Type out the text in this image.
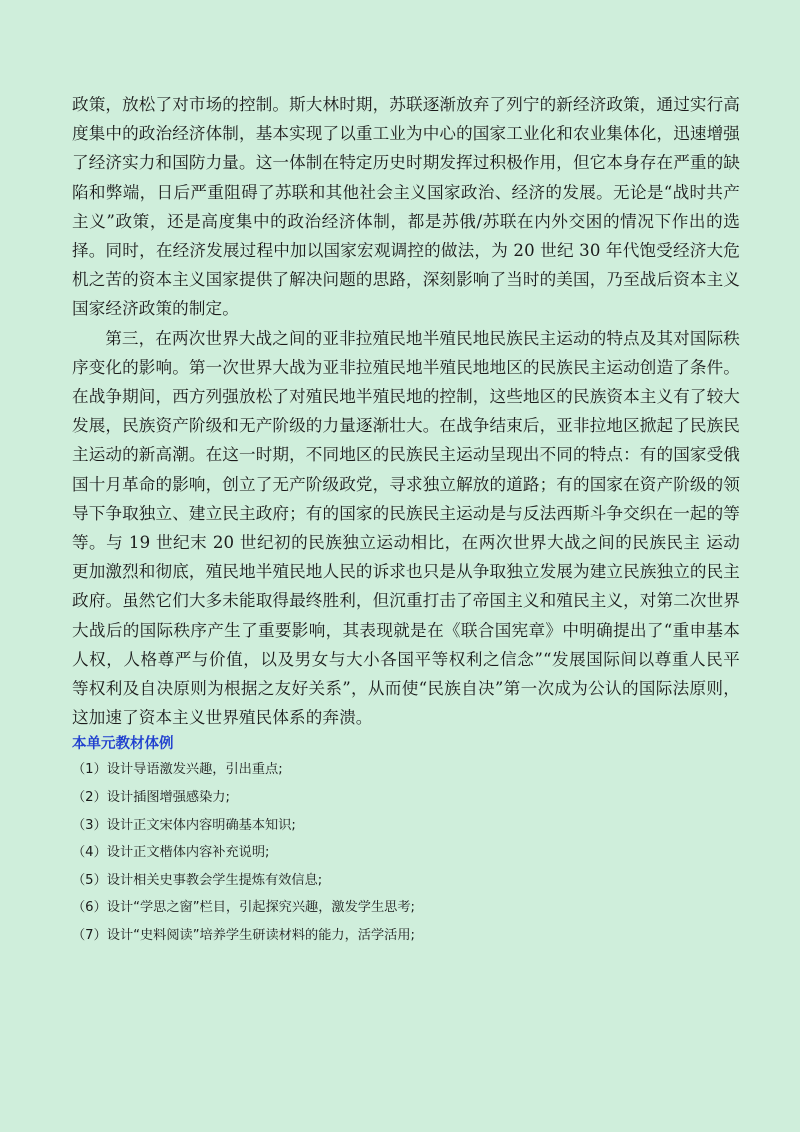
政策，放松了对市场的控制。斯大林时期，苏联逐渐放弃了列宁的新经济政策，通过实行高度集中的政治经济体制，基本实现了以重工业为中心的国家工业化和农业集体化，迅速增强了经济实力和国防力量。这一体制在特定历史时期发挥过积极作用，但它本身存在严重的缺陷和弊端，日后严重阻碍了苏联和其他社会主义国家政治、经济的发展。无论是“战时共产主义”政策，还是高度集中的政治经济体制，都是苏俄/苏联在内外交困的情况下作出的选择。同时，在经济发展过程中加以国家宏观调控的做法，为 20 世纪 30 年代饱受经济大危机之苦的资本主义国家提供了解决问题的思路，深刻影响了当时的美国，乃至战后资本主义国家经济政策的制定。

第三，在两次世界大战之间的亚非拉殖民地半殖民地民族民主运动的特点及其对国际秩序变化的影响。第一次世界大战为亚非拉殖民地半殖民地地区的民族民主运动创造了条件。在战争期间，西方列强放松了对殖民地半殖民地的控制，这些地区的民族资本主义有了较大发展，民族资产阶级和无产阶级的力量逐渐壮大。在战争结束后，亚非拉地区掀起了民族民主运动的新高潮。在这一时期，不同地区的民族民主运动呈现出不同的特点：有的国家受俄国十月革命的影响，创立了无产阶级政党，寻求独立解放的道路；有的国家在资产阶级的领导下争取独立、建立民主政府；有的国家的民族民主运动是与反法西斯斗争交织在一起的等等。与 19 世纪末 20 世纪初的民族独立运动相比，在两次世界大战之间的民族民主 运动更加激烈和彻底，殖民地半殖民地人民的诉求也只是从争取独立发展为建立民族独立的民主政府。虽然它们大多未能取得最终胜利，但沉重打击了帝国主义和殖民主义，对第二次世界大战后的国际秩序产生了重要影响，其表现就是在《联合国宪章》中明确提出了“重申基本人权，人格尊严与价值，以及男女与大小各国平等权利之信念”“发展国际间以尊重人民平等权利及自决原则为根据之友好关系”，从而使“民族自决”第一次成为公认的国际法原则，这加速了资本主义世界殖民体系的奔溃。

本单元教材体例
（1）设计导语激发兴趣，引出重点;
（2）设计插图增强感染力;
（3）设计正文宋体内容明确基本知识;
（4）设计正文楷体内容补充说明;
（5）设计相关史事教会学生提炼有效信息;
（6）设计“学思之窗”栏目，引起探究兴趣，激发学生思考;
（7）设计“史料阅读”培养学生研读材料的能力，活学活用;
